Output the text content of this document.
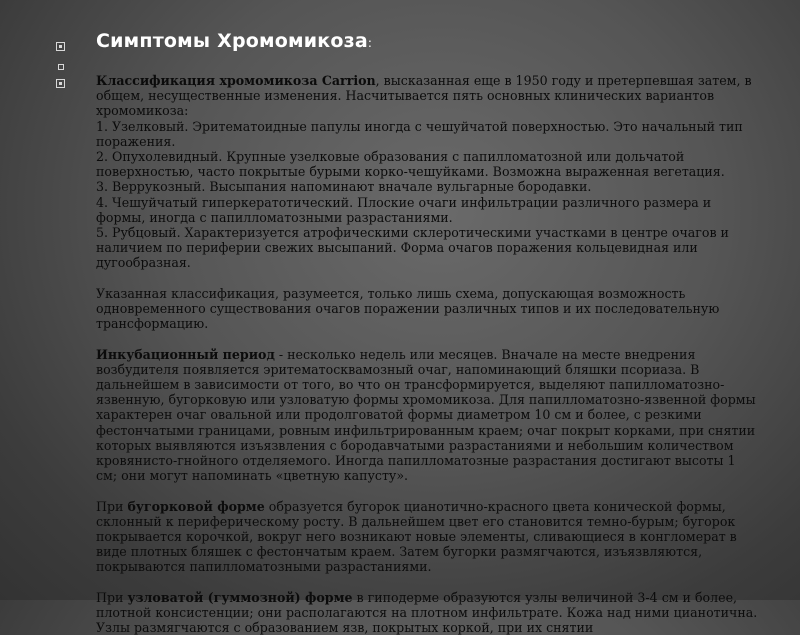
Симптомы Хромомикоза:

Классификация хромомикоза Carrion, высказанная еще в 1950 году и претерпевшая затем, в общем, несущественные изменения. Насчитывается пять основных клинических вариантов хромомикоза:

1. Узелковый. Эритематоидные папулы иногда с чешуйчатой поверхностью. Это начальный тип поражения.

2. Опухолевидный. Крупные узелковые образования с папилломатозной или дольчатой поверхностью, часто покрытые бурыми корко-чешуйками. Возможна выраженная вегетация.

3. Веррукозный. Высыпания напоминают вначале вульгарные бородавки.

4. Чешуйчатый гиперкератотический. Плоские очаги инфильтрации различного размера и формы, иногда с папилломатозными разрастаниями.

5. Рубцовый. Характеризуется атрофическими склеротическими участками в центре очагов и наличием по периферии свежих высыпаний. Форма очагов поражения кольцевидная или дугообразная.

Указанная классификация, разумеется, только лишь схема, допускающая возможность одновременного существования очагов поражении различных типов и их последовательную трансформацию.

Инкубационный период - несколько недель или месяцев. Вначале на месте внедрения возбудителя появляется эритематосквамозный очаг, напоминающий бляшки псориаза. В дальнейшем в зависимости от того, во что он трансформируется, выделяют папилломатозно-язвенную, бугорковую или узловатую формы хромомикоза. Для папилломатозно-язвенной формы характерен очаг овальной или продолговатой формы диаметром 10 см и более, с резкими фестончатыми границами, ровным инфильтрированным краем; очаг покрыт корками, при снятии которых выявляются изъязвления с бородавчатыми разрастаниями и небольшим количеством кровянисто-гнойного отделяемого. Иногда папилломатозные разрастания достигают высоты 1 см; они могут напоминать «цветную капусту».

При бугорковой форме образуется бугорок цианотично-красного цвета конической формы, склонный к периферическому росту. В дальнейшем цвет его становится темно-бурым; бугорок покрывается корочкой, вокруг него возникают новые элементы, сливающиеся в конгломерат в виде плотных бляшек с фестончатым краем. Затем бугорки размягчаются, изъязвляются, покрываются папилломатозными разрастаниями.

При узловатой (гуммозной) форме в гиподерме образуются узлы величиной 3-4 см и более, плотной консистенции; они располагаются на плотном инфильтрате. Кожа над ними цианотична. Узлы размягчаются с образованием язв, покрытых коркой, при их снятии
